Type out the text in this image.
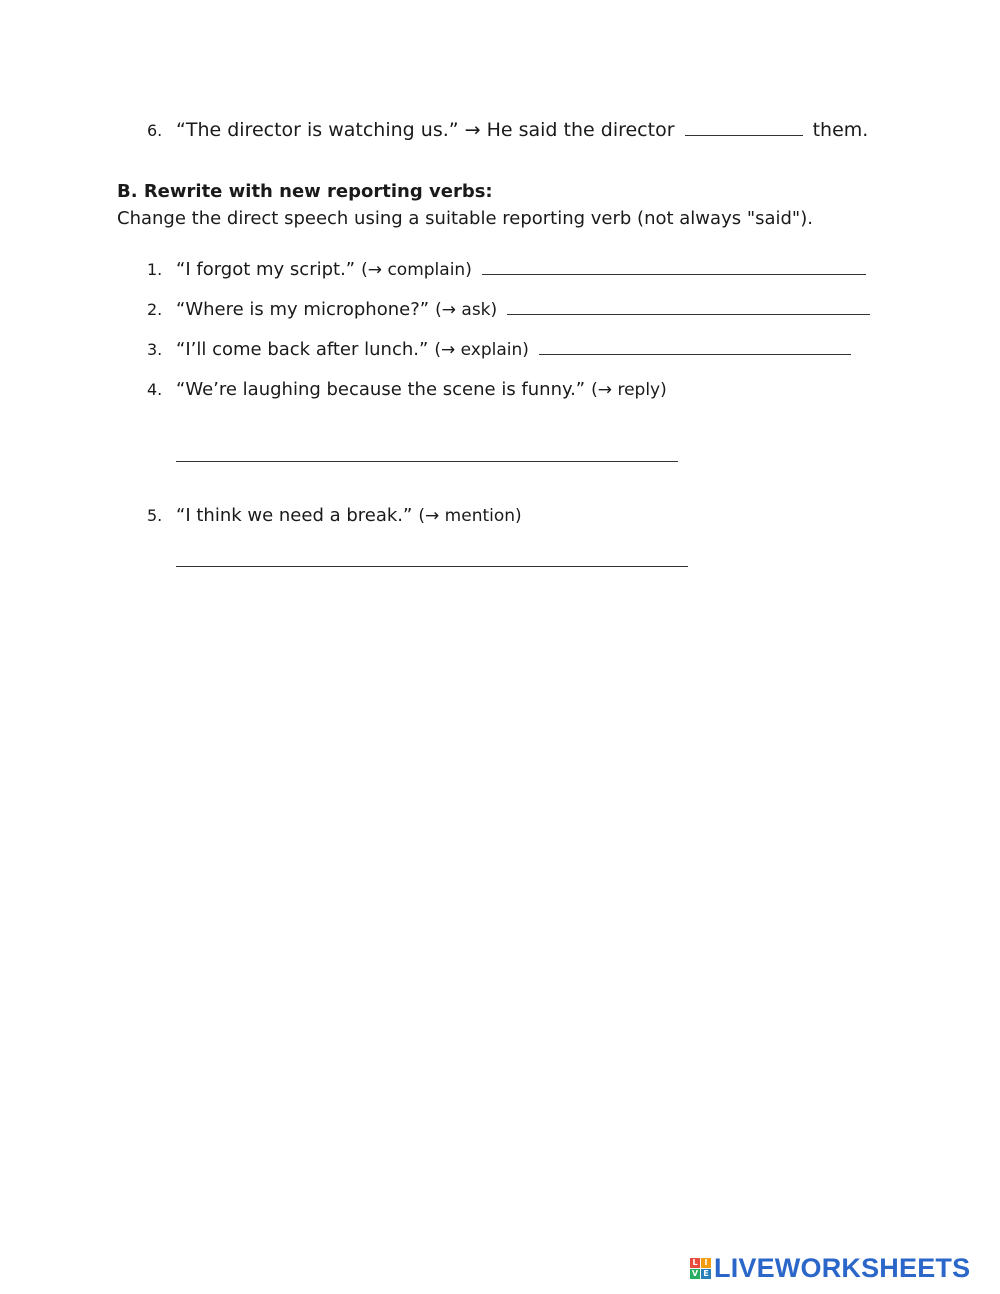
6. “The director is watching us.” → He said the director	them.
B. Rewrite with new reporting verbs:
Change the direct speech using a suitable reporting verb (not always "said").
1. “I forgot my script.” (→ complain)
2. “Where is my microphone?” (→ ask)
3. “I’ll come back after lunch.” (→ explain)
4. “We’re laughing because the scene is funny.” (→ reply)
5. “I think we need a break.” (→ mention)
L I
V E LIVEWORKSHEETS
